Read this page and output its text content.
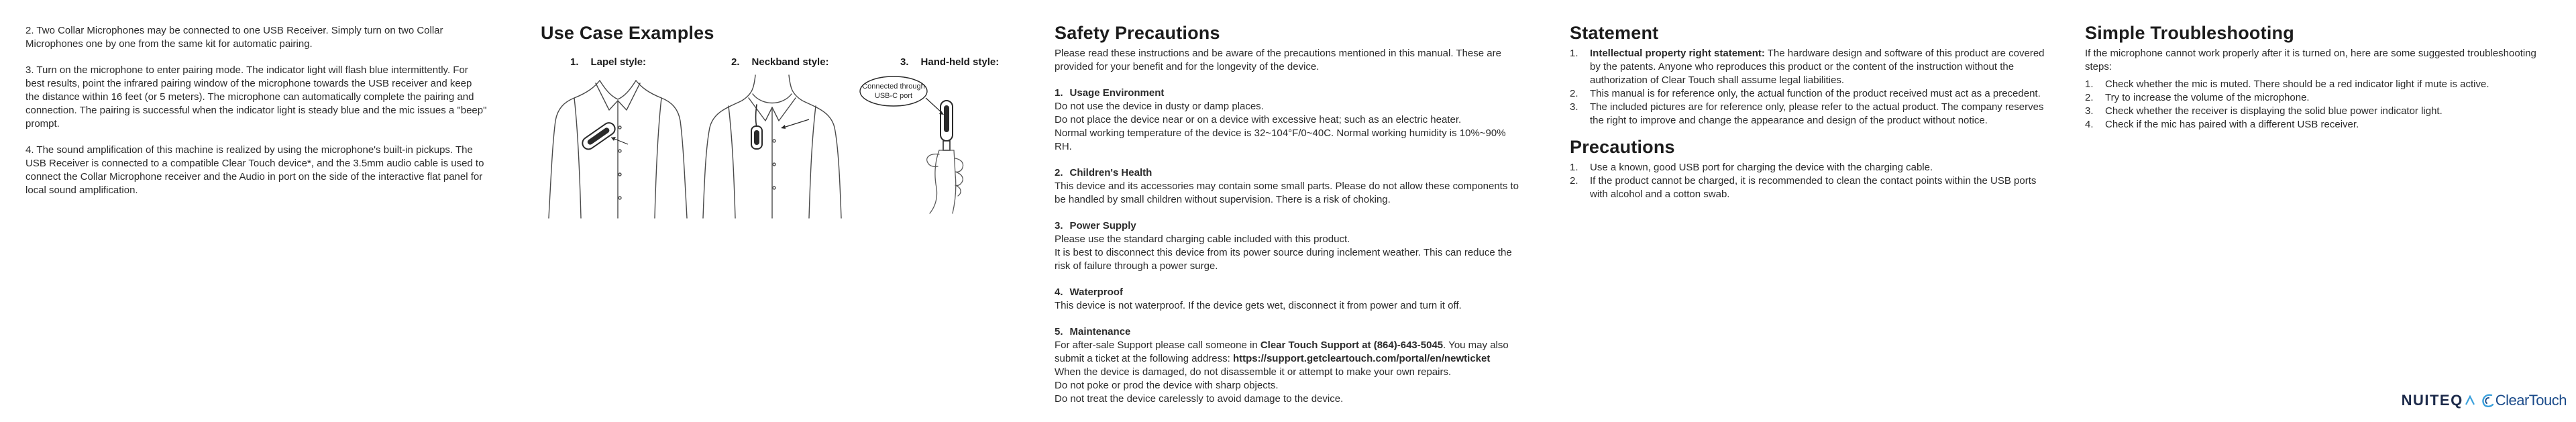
2. Two Collar Microphones may be connected to one USB Receiver. Simply turn on two Collar Microphones one by one from the same kit for automatic pairing.

3. Turn on the microphone to enter pairing mode. The indicator light will flash blue intermittently. For best results, point the infrared pairing window of the microphone towards the USB receiver and keep the distance within 16 feet (or 5 meters). The microphone can automatically complete the pairing and connection. The pairing is successful when the indicator light is steady blue and the mic issues a "beep" prompt.

4. The sound amplification of this machine is realized by using the microphone's built-in pickups. The USB Receiver is connected to a compatible Clear Touch device*, and the 3.5mm audio cable is used to connect the Collar Microphone receiver and the Audio in port on the side of the interactive flat panel for local sound amplification.

Use Case Examples
1. Lapel style:	2. Neckband style:	3. Hand-held style:
Connected through
USB-C port
Safety Precautions

Please read these instructions and be aware of the precautions mentioned in this manual. These are provided for your benefit and for the longevity of the device.

1. Usage Environment
Do not use the device in dusty or damp places.
Do not place the device near or on a device with excessive heat; such as an electric heater.
Normal working temperature of the device is 32~104°F/0~40C. Normal working humidity is 10%~90% RH.
2. Children's Health
This device and its accessories may contain some small parts. Please do not allow these components to be handled by small children without supervision. There is a risk of choking.
3. Power Supply
Please use the standard charging cable included with this product.
It is best to disconnect this device from its power source during inclement weather. This can reduce the risk of failure through a power surge.
4. Waterproof
This device is not waterproof. If the device gets wet, disconnect it from power and turn it off.
5. Maintenance
For after-sale Support please call someone in Clear Touch Support at (864)-643-5045. You may also submit a ticket at the following address: https://support.getcleartouch.com/portal/en/newticket
When the device is damaged, do not disassemble it or attempt to make your own repairs.
Do not poke or prod the device with sharp objects.
Do not treat the device carelessly to avoid damage to the device.
Statement
1. Intellectual property right statement: The hardware design and software of this product are covered by the patents. Anyone who reproduces this product or the content of the instruction without the authorization of Clear Touch shall assume legal liabilities.
2. This manual is for reference only, the actual function of the product received must act as a precedent.
3. The included pictures are for reference only, please refer to the actual product. The company reserves the right to improve and change the appearance and design of the product without notice.
Precautions
1. Use a known, good USB port for charging the device with the charging cable.
2. If the product cannot be charged, it is recommended to clean the contact points within the USB ports with alcohol and a cotton swab.
Simple Troubleshooting

If the microphone cannot work properly after it is turned on, here are some suggested troubleshooting steps:

1. Check whether the mic is muted. There should be a red indicator light if mute is active.
2. Try to increase the volume of the microphone.
3. Check whether the receiver is displaying the solid blue power indicator light.
4. Check if the mic has paired with a different USB receiver.
NUITEQ ClearTouch
